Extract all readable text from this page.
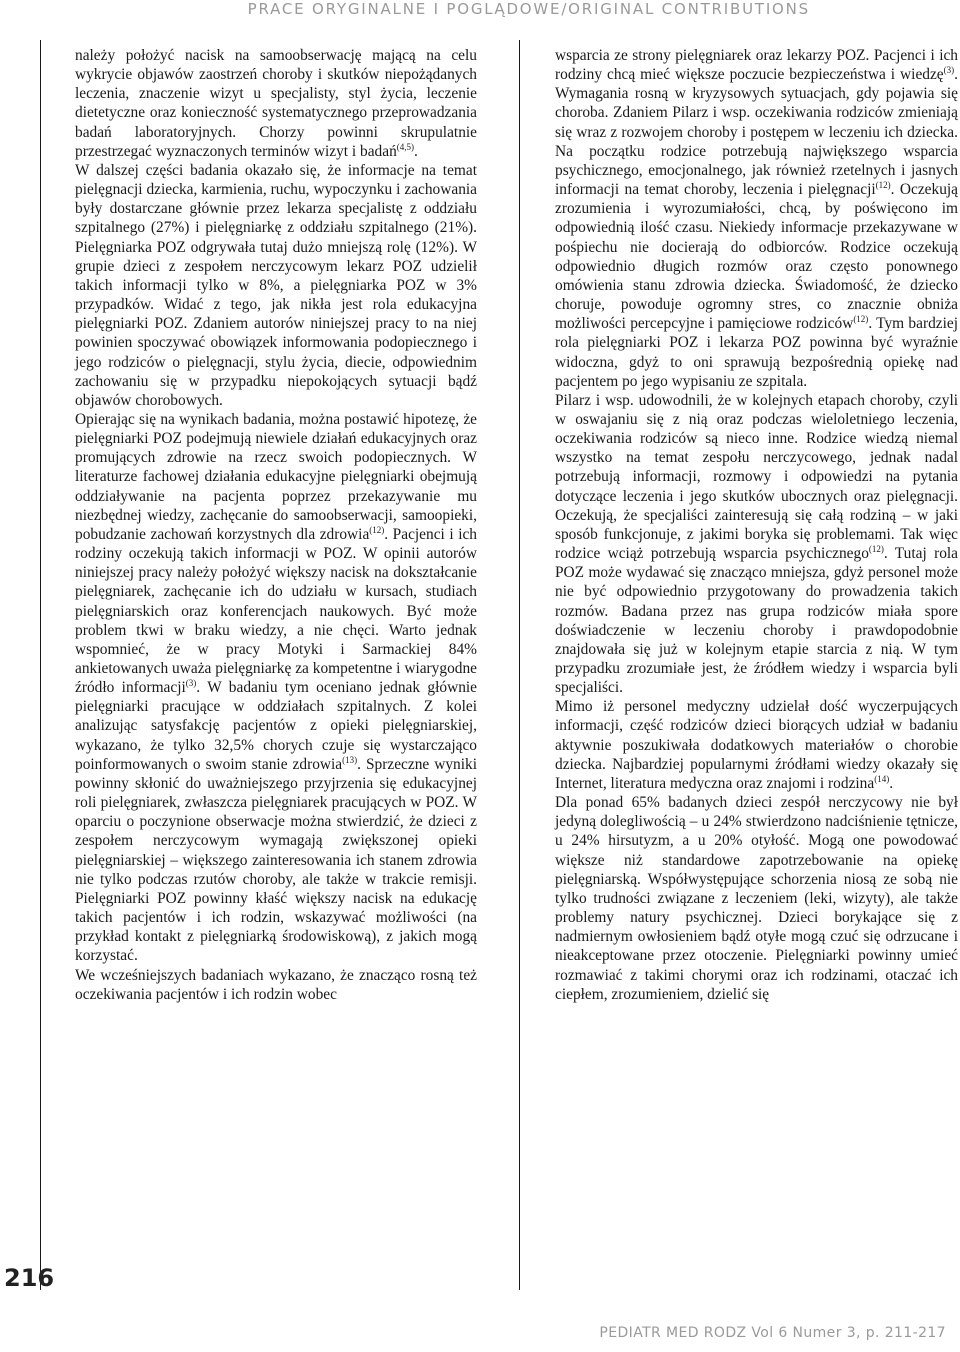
PRACE ORYGINALNE I POGLĄDOWE/ORIGINAL CONTRIBUTIONS
216

należy położyć nacisk na samoobserwację mającą na celu wykrycie objawów zaostrzeń choroby i skutków niepożądanych leczenia, znaczenie wizyt u specjalisty, styl życia, leczenie dietetyczne oraz konieczność systematycznego przeprowadzania badań laboratoryjnych. Chorzy powinni skrupulatnie przestrzegać wyznaczonych terminów wizyt i badań$^{(4,5)}$.

W dalszej części badania okazało się, że informacje na temat pielęgnacji dziecka, karmienia, ruchu, wypoczynku i zachowania były dostarczane głównie przez lekarza specjalistę z oddziału szpitalnego (27%) i pielęgniarkę z oddziału szpitalnego (21%). Pielęgniarka POZ odgrywała tutaj dużo mniejszą rolę (12%). W grupie dzieci z zespołem nerczycowym lekarz POZ udzielił takich informacji tylko w 8%, a pielęgniarka POZ w 3% przypadków. Widać z tego, jak nikła jest rola edukacyjna pielęgniarki POZ. Zdaniem autorów niniejszej pracy to na niej powinien spoczywać obowiązek informowania podopiecznego i jego rodziców o pielęgnacji, stylu życia, diecie, odpowiednim zachowaniu się w przypadku niepokojących sytuacji bądź objawów chorobowych.

Opierając się na wynikach badania, można postawić hipotezę, że pielęgniarki POZ podejmują niewiele działań edukacyjnych oraz promujących zdrowie na rzecz swoich podopiecznych. W literaturze fachowej działania edukacyjne pielęgniarki obejmują oddziaływanie na pacjenta poprzez przekazywanie mu niezbędnej wiedzy, zachęcanie do samoobserwacji, samoopieki, pobudzanie zachowań korzystnych dla zdrowia$^{(12)}$. Pacjenci i ich rodziny oczekują takich informacji w POZ. W opinii autorów niniejszej pracy należy położyć większy nacisk na dokształcanie pielęgniarek, zachęcanie ich do udziału w kursach, studiach pielęgniarskich oraz konferencjach naukowych. Być może problem tkwi w braku wiedzy, a nie chęci. Warto jednak wspomnieć, że w pracy Motyki i Sarmackiej 84% ankietowanych uważa pielęgniarkę za kompetentne i wiarygodne źródło informacji$^{(3)}$. W badaniu tym oceniano jednak głównie pielęgniarki pracujące w oddziałach szpitalnych. Z kolei analizując satysfakcję pacjentów z opieki pielęgniarskiej, wykazano, że tylko 32,5% chorych czuje się wystarczająco poinformowanych o swoim stanie zdrowia$^{(13)}$. Sprzeczne wyniki powinny skłonić do uważniejszego przyjrzenia się edukacyjnej roli pielęgniarek, zwłaszcza pielęgniarek pracujących w POZ. W oparciu o poczynione obserwacje można stwierdzić, że dzieci z zespołem nerczycowym wymagają zwiększonej opieki pielęgniarskiej – większego zainteresowania ich stanem zdrowia nie tylko podczas rzutów choroby, ale także w trakcie remisji. Pielęgniarki POZ powinny kłaść większy nacisk na edukację takich pacjentów i ich rodzin, wskazywać możliwości (na przykład kontakt z pielęgniarką środowiskową), z jakich mogą korzystać.

We wcześniejszych badaniach wykazano, że znacząco rosną też oczekiwania pacjentów i ich rodzin wobec

wsparcia ze strony pielęgniarek oraz lekarzy POZ. Pacjenci i ich rodziny chcą mieć większe poczucie bezpieczeństwa i wiedzę$^{(3)}$. Wymagania rosną w kryzysowych sytuacjach, gdy pojawia się choroba. Zdaniem Pilarz i wsp. oczekiwania rodziców zmieniają się wraz z rozwojem choroby i postępem w leczeniu ich dziecka. Na początku rodzice potrzebują największego wsparcia psychicznego, emocjonalnego, jak również rzetelnych i jasnych informacji na temat choroby, leczenia i pielęgnacji$^{(12)}$. Oczekują zrozumienia i wyrozumiałości, chcą, by poświęcono im odpowiednią ilość czasu. Niekiedy informacje przekazywane w pośpiechu nie docierają do odbiorców. Rodzice oczekują odpowiednio długich rozmów oraz często ponownego omówienia stanu zdrowia dziecka. Świadomość, że dziecko choruje, powoduje ogromny stres, co znacznie obniża możliwości percepcyjne i pamięciowe rodziców$^{(12)}$. Tym bardziej rola pielęgniarki POZ i lekarza POZ powinna być wyraźnie widoczna, gdyż to oni sprawują bezpośrednią opiekę nad pacjentem po jego wypisaniu ze szpitala.

Pilarz i wsp. udowodnili, że w kolejnych etapach choroby, czyli w oswajaniu się z nią oraz podczas wieloletniego leczenia, oczekiwania rodziców są nieco inne. Rodzice wiedzą niemal wszystko na temat zespołu nerczycowego, jednak nadal potrzebują informacji, rozmowy i odpowiedzi na pytania dotyczące leczenia i jego skutków ubocznych oraz pielęgnacji. Oczekują, że specjaliści zainteresują się całą rodziną – w jaki sposób funkcjonuje, z jakimi boryka się problemami. Tak więc rodzice wciąż potrzebują wsparcia psychicznego$^{(12)}$. Tutaj rola POZ może wydawać się znacząco mniejsza, gdyż personel może nie być odpowiednio przygotowany do prowadzenia takich rozmów. Badana przez nas grupa rodziców miała spore doświadczenie w leczeniu choroby i prawdopodobnie znajdowała się już w kolejnym etapie starcia z nią. W tym przypadku zrozumiałe jest, że źródłem wiedzy i wsparcia byli specjaliści.

Mimo iż personel medyczny udzielał dość wyczerpujących informacji, część rodziców dzieci biorących udział w badaniu aktywnie poszukiwała dodatkowych materiałów o chorobie dziecka. Najbardziej popularnymi źródłami wiedzy okazały się Internet, literatura medyczna oraz znajomi i rodzina$^{(14)}$.

Dla ponad 65% badanych dzieci zespół nerczycowy nie był jedyną dolegliwością – u 24% stwierdzono nadciśnienie tętnicze, u 24% hirsutyzm, a u 20% otyłość. Mogą one powodować większe niż standardowe zapotrzebowanie na opiekę pielęgniarską. Współwystępujące schorzenia niosą ze sobą nie tylko trudności związane z leczeniem (leki, wizyty), ale także problemy natury psychicznej. Dzieci borykające się z nadmiernym owłosieniem bądź otyłe mogą czuć się odrzucane i nieakceptowane przez otoczenie. Pielęgniarki powinny umieć rozmawiać z takimi chorymi oraz ich rodzinami, otaczać ich ciepłem, zrozumieniem, dzielić się

PEDIATR MED RODZ Vol 6 Numer 3, p. 211-217
